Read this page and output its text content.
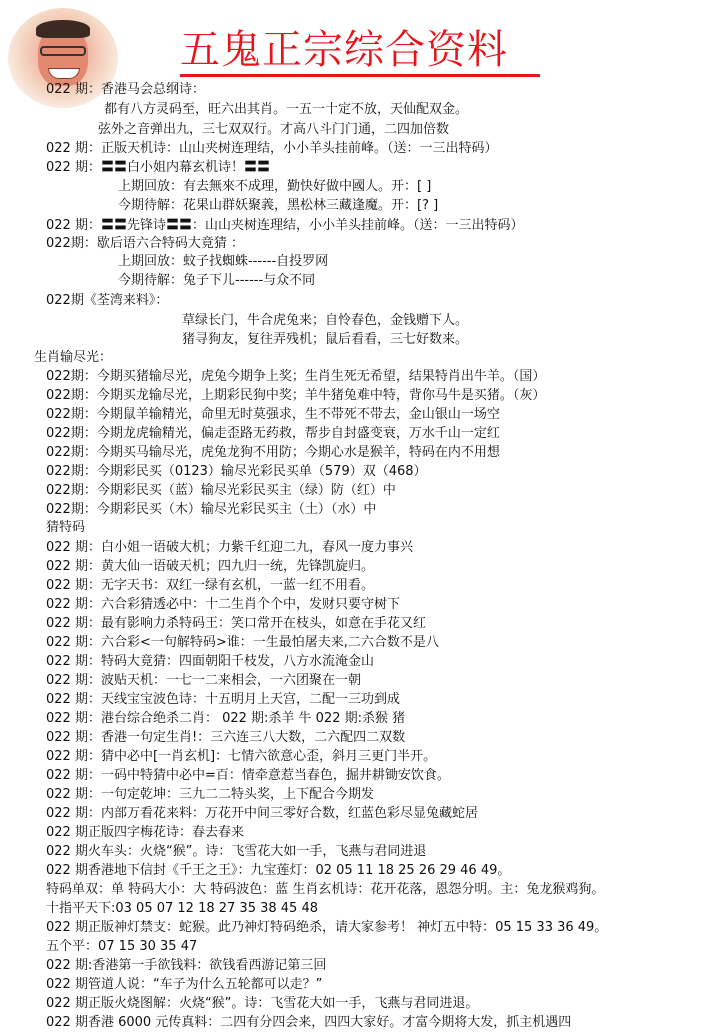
五鬼正宗综合资料
022 期：香港马会总纲诗：
都有八方灵码至，旺六出其肖。一五一十定不放，天仙配双金。
弦外之音弹出九，三七双双行。才高八斗门门通，二四加倍数
022 期：正版天机诗：山山夹树连理结，小小羊头挂前峰。（送：一三出特码）
022 期：〓〓白小姐内幕玄机诗！〓〓
上期回放：有去無來不成理，勤快好做中國人。开：[ ]
今期待解：花果山群妖聚義，黑松林三藏逢魔。开：[? ]
022 期：〓〓先锋诗〓〓：山山夹树连理结，小小羊头挂前峰。（送：一三出特码）
022期：歇后语六合特码大竟猜 ：
上期回放：蚊子找蜘蛛------自投罗网
今期待解：兔子下儿------与众不同
022期《荃湾来料》：
草绿长门，牛合虎兔来；自怜春色，金钱赠下人。
猪寻狗友，复往弄残机；鼠后看看，三七好数来。
生肖输尽光：
022期：今期买猪输尽光，虎兔今期争上奖；生肖生死无希望，结果特肖出牛羊。（国）
022期：今期买龙输尽光，上期彩民狗中奖；羊牛猪兔难中特，背你马牛是买猪。（灰）
022期：今期鼠羊输精光，命里无时莫强求，生不带死不带去，金山银山一场空
022期：今期龙虎输精光，偏走歪路无药救，帮步自封盛变衰，万水千山一定红
022期：今期买马输尽光，虎兔龙狗不用防；今期心水是猴羊，特码在内不用想
022期：今期彩民买（0123）输尽光彩民买单（579）双（468）
022期：今期彩民买（蓝）输尽光彩民买主（绿）防（红）中
022期：今期彩民买（木）输尽光彩民买主（土）（水）中
猜特码
022 期：白小姐一语破大机；力紫千红迎二九，春风一度力事兴
022 期：黄大仙一语破天机；四九归一统，先锋凯旋归。
022 期：无字天书：双红一绿有玄机，一蓝一红不用看。
022 期：六合彩猜透必中：十二生肖个个中，发财只要守树下
022 期：最有影响力杀特码王：笑口常开在枝头，如意在手花又红
022 期：六合彩<一句解特码>谁：一生最怕屠夫来,二六合数不是八
022 期：特码大竟猜：四面朝阳千枝发，八方水流淹金山
022 期：波贴天机：一七一二来相会，一六团聚在一朝
022 期：天线宝宝波色诗：十五明月上天宫，二配一三功到成
022 期：港台综合绝杀二肖： 022 期:杀羊 牛 022 期:杀猴 猪
022 期：香港一句定生肖!：三六连三八大数，二六配四二双数
022 期：猜中必中[一肖玄机]：七情六欲意心歪，斜月三更门半开。
022 期：一码中特猜中必中=百：情牵意惹当春色，掘井耕锄安饮食。
022 期：一句定乾坤：三九二二特头奖，上下配合今期发
022 期：内部万看花来料：万花开中间三零好合数，红蓝色彩尽显兔藏蛇居
022 期正版四字梅花诗：春去春来
022 期火车头：火烧“猴”。诗：飞雪花大如一手，飞燕与君同进退
022 期香港地下信封《千王之王》：九宝莲灯：02 05 11 18 25 26 29 46 49。
特码单双：单 特码大小：大 特码波色：蓝 生肖玄机诗：花开花落，恩怨分明。主：兔龙猴鸡狗。
十指平天下:03 05 07 12 18 27 35 38 45 48
022 期正版神灯禁支：蛇猴。此乃神灯特码绝杀，请大家参考！ 神灯五中特：05 15 33 36 49。
五个平：07 15 30 35 47
022 期:香港第一手欲钱料：欲钱看西游记第三回
022 期管道人说：“车子为什么五轮都可以走？”
022 期正版火烧图解：火烧“猴”。诗：飞雪花大如一手，飞燕与君同进退。
022 期香港 6000 元传真料：二四有分四会来，四四大家好。才富今期将大发，抓主机遇四
